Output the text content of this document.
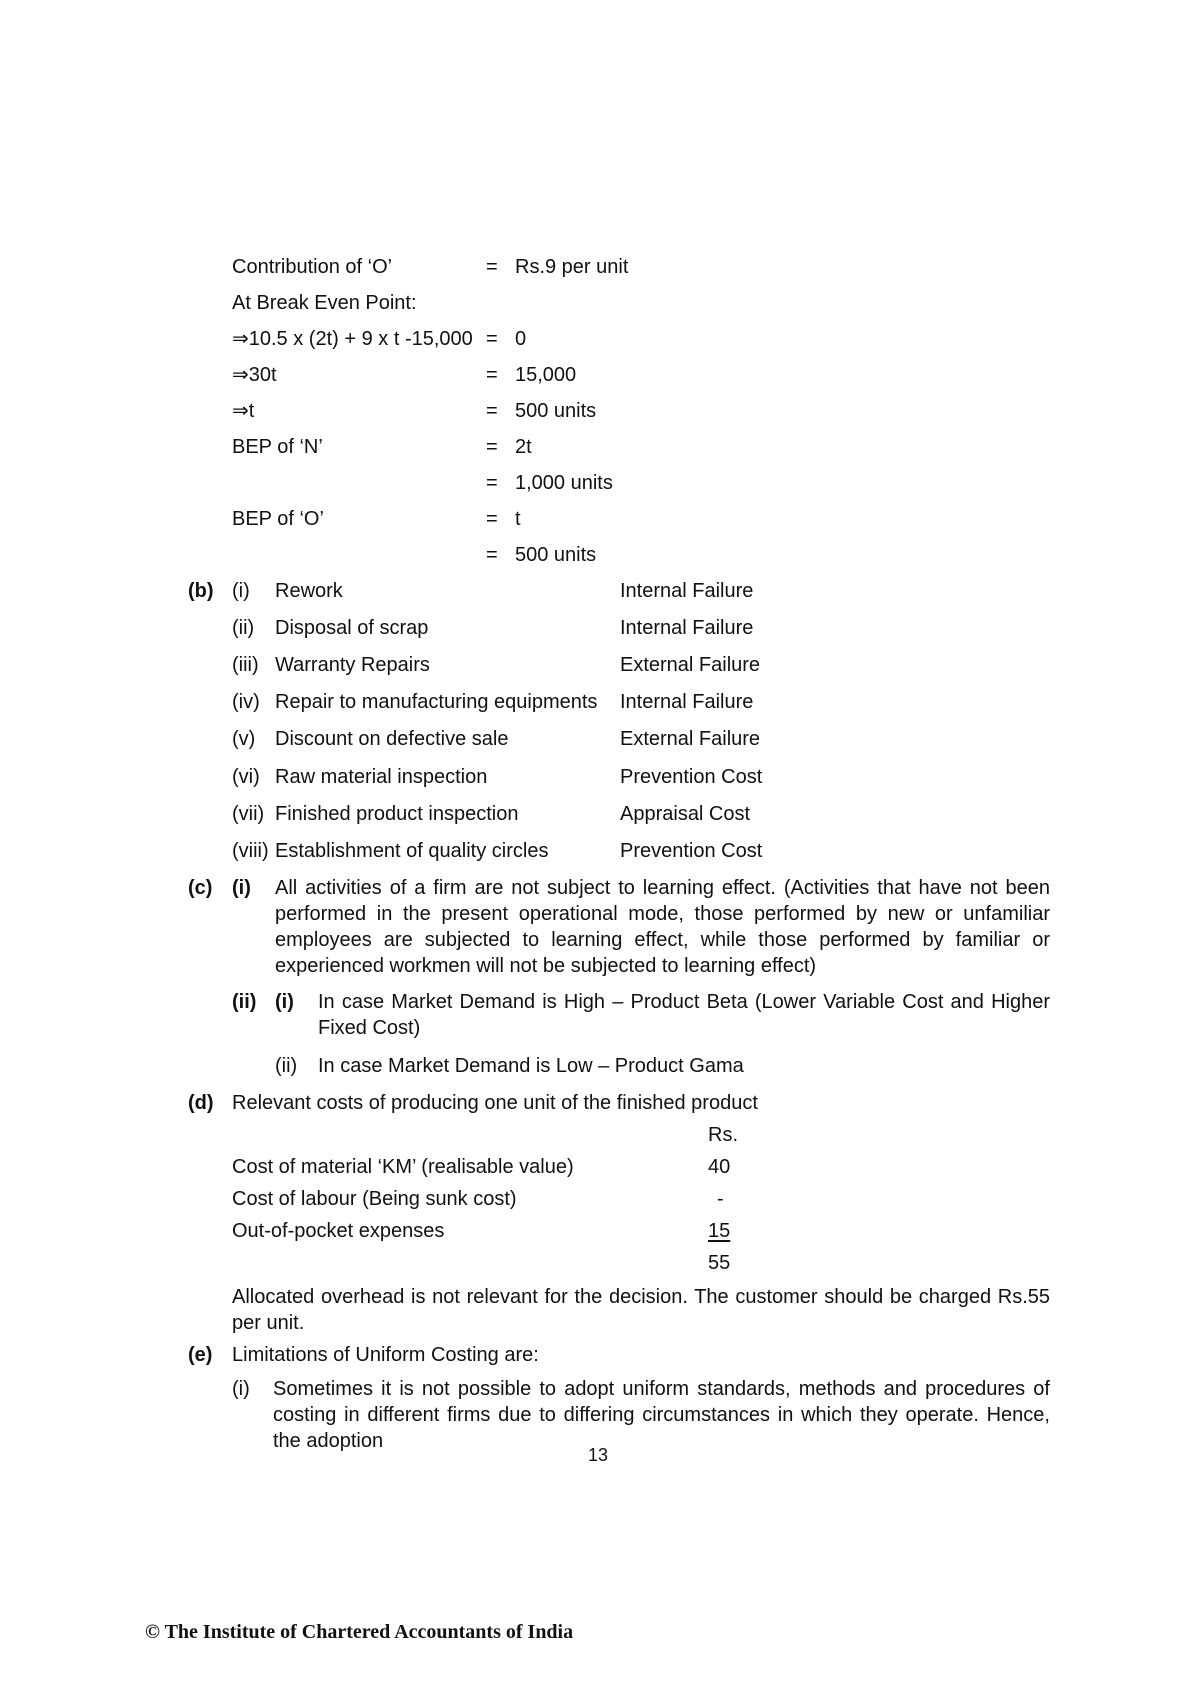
Contribution of ‘O’	= Rs.9 per unit
At Break Even Point:
⇒10.5 x (2t) + 9 x t -15,000 = 0
⇒30t	= 15,000
⇒t	= 500 units
BEP of ‘N’	= 2t
= 1,000 units
BEP of ‘O’	= t
= 500 units
(b) (i) Rework	Internal Failure
(ii) Disposal of scrap	Internal Failure
(iii) Warranty Repairs	External Failure
(iv) Repair to manufacturing equipments Internal Failure
(v) Discount on defective sale	External Failure
(vi) Raw material inspection	Prevention Cost
(vii) Finished product inspection	Appraisal Cost
(viii) Establishment of quality circles	Prevention Cost
(c) (i) All activities of a firm are not subject to learning effect. (Activities that have not been performed in the present operational mode, those performed by new or unfamiliar employees are subjected to learning effect, while those performed by familiar or experienced workmen will not be subjected to learning effect)
(ii) (i) In case Market Demand is High – Product Beta (Lower Variable Cost and Higher Fixed Cost)
(ii) In case Market Demand is Low – Product Gama
(d) Relevant costs of producing one unit of the finished product
Rs.
Cost of material ‘KM’ (realisable value)	40
Cost of labour (Being sunk cost)	-
Out-of-pocket expenses	15
55
Allocated overhead is not relevant for the decision. The customer should be charged Rs.55 per unit.
(e) Limitations of Uniform Costing are:
(i) Sometimes it is not possible to adopt uniform standards, methods and procedures of costing in different firms due to differing circumstances in which they operate. Hence, the adoption
13
© The Institute of Chartered Accountants of India
